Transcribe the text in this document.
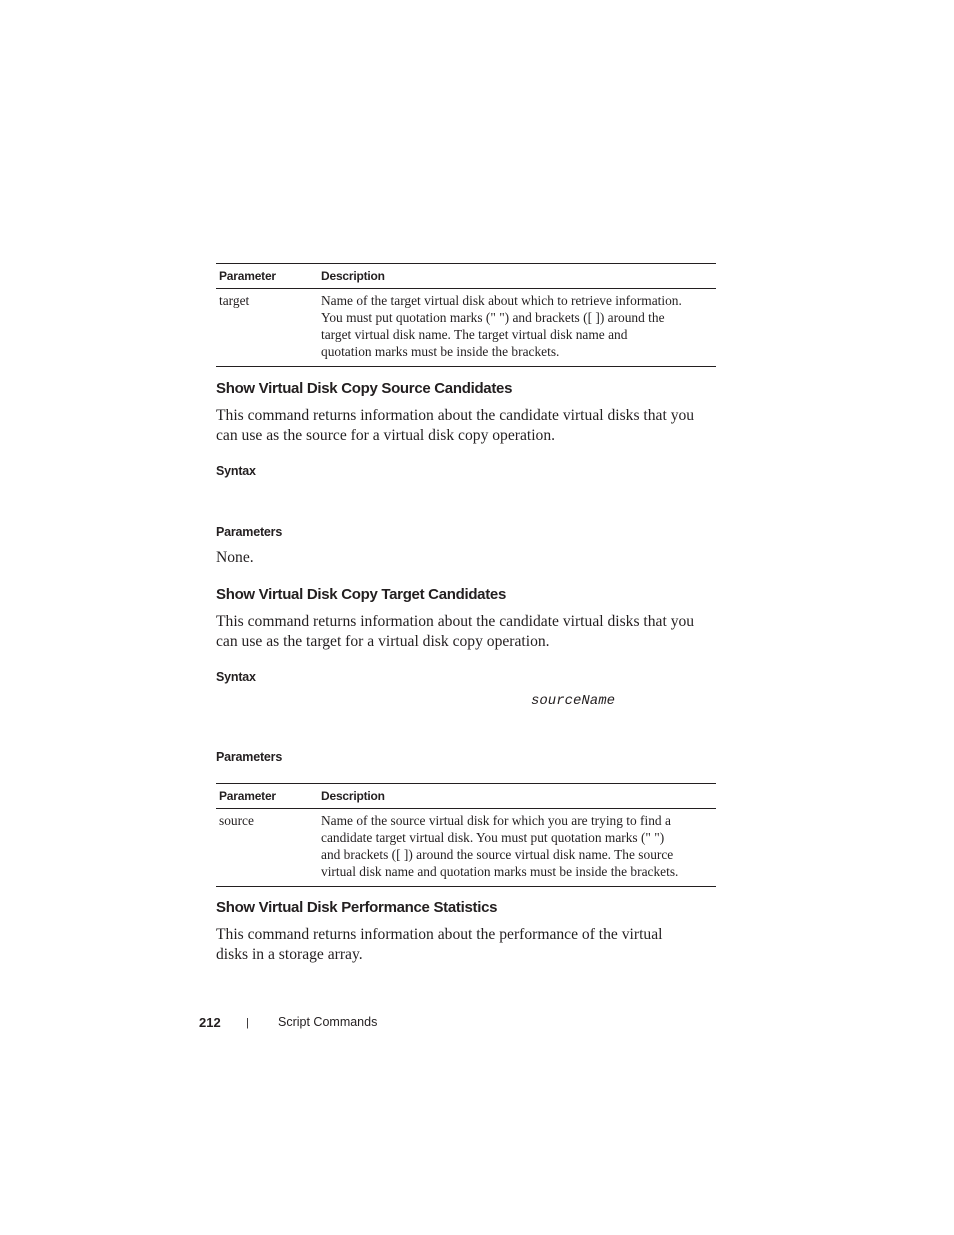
Parameter	Description
target	Name of the target virtual disk about which to retrieve information.
You must put quotation marks (" ") and brackets ([ ]) around the
target virtual disk name. The target virtual disk name and
quotation marks must be inside the brackets.
Show Virtual Disk Copy Source Candidates
This command returns information about the candidate virtual disks that you
can use as the source for a virtual disk copy operation.
Syntax
Parameters
None.
Show Virtual Disk Copy Target Candidates
This command returns information about the candidate virtual disks that you
can use as the target for a virtual disk copy operation.
Syntax
sourceName
Parameters
Parameter	Description
source	Name of the source virtual disk for which you are trying to find a
candidate target virtual disk. You must put quotation marks (" ")
and brackets ([ ]) around the source virtual disk name. The source
virtual disk name and quotation marks must be inside the brackets.
Show Virtual Disk Performance Statistics
This command returns information about the performance of the virtual
disks in a storage array.
212 | Script Commands
